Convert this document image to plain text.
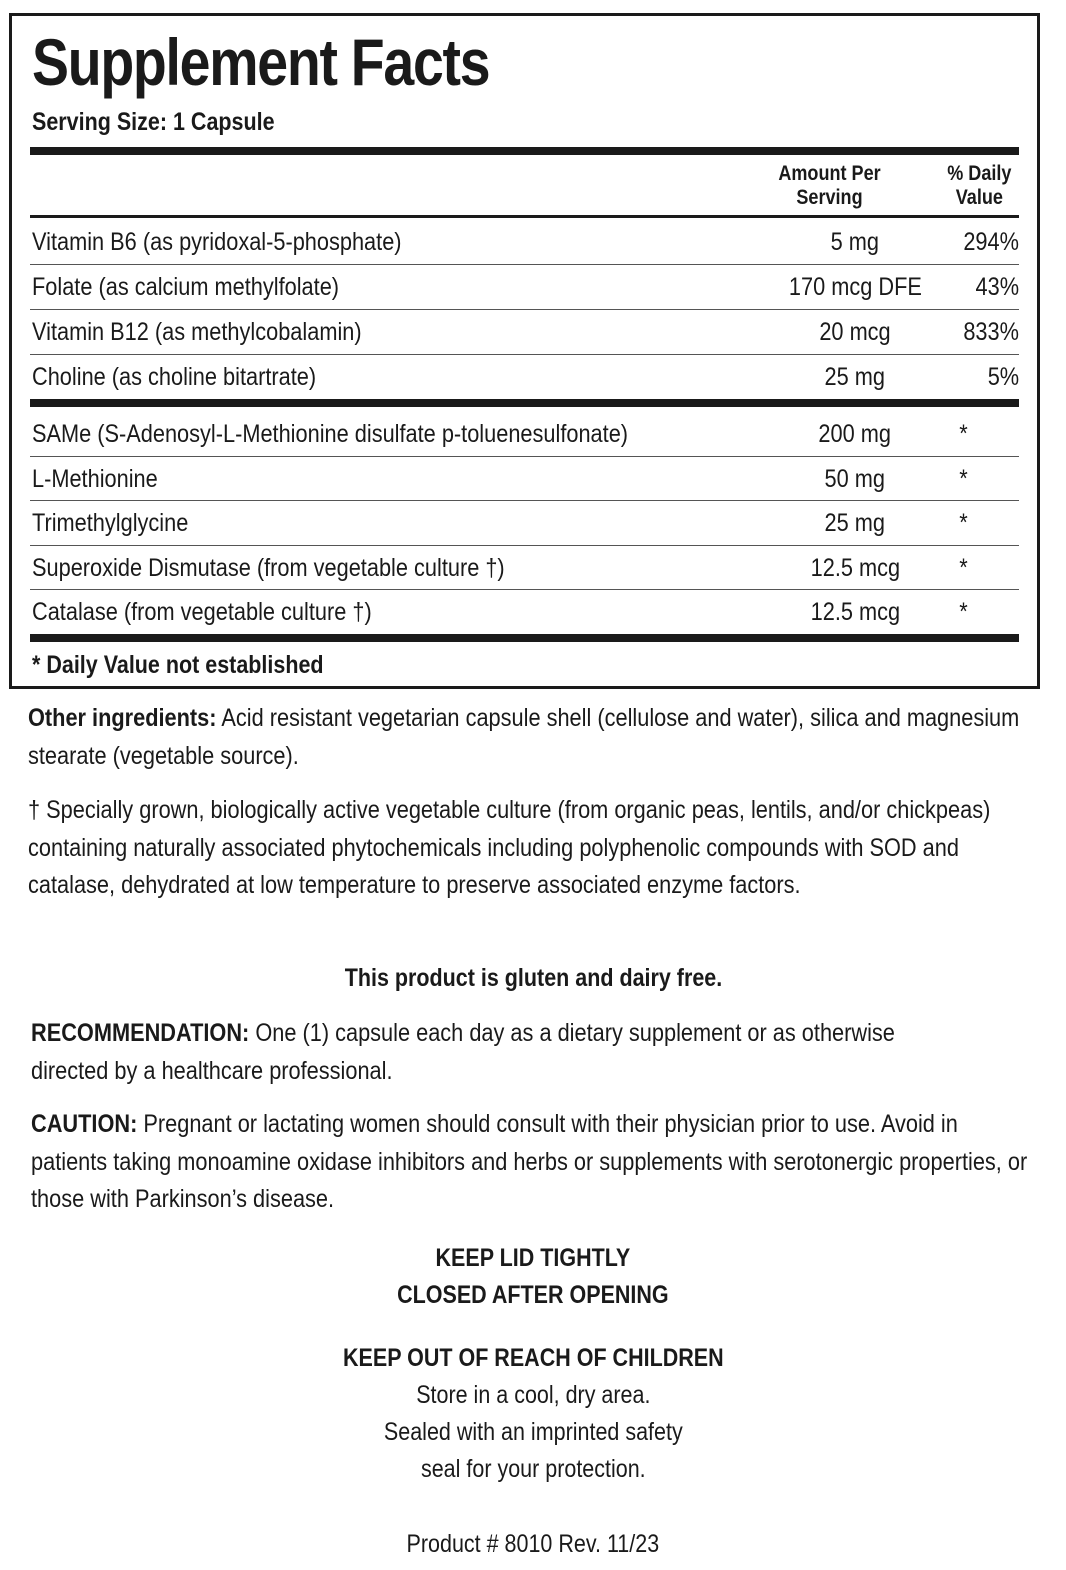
Supplement Facts
Serving Size: 1 Capsule
Amount Per
Serving
% Daily
Value
Vitamin B6 (as pyridoxal-5-phosphate)	5 mg	294%
Folate (as calcium methylfolate)	170 mcg DFE	43%
Vitamin B12 (as methylcobalamin)	20 mcg	833%
Choline (as choline bitartrate)	25 mg	5%
SAMe (S-Adenosyl-L-Methionine disulfate p-toluenesulfonate)	200 mg	*
L-Methionine	50 mg	*
Trimethylglycine	25 mg	*
Superoxide Dismutase (from vegetable culture †)	12.5 mcg	*
Catalase (from vegetable culture †)	12.5 mcg	*
* Daily Value not established
Other ingredients: Acid resistant vegetarian capsule shell (cellulose and water), silica and magnesium stearate (vegetable source).
† Specially grown, biologically active vegetable culture (from organic peas, lentils, and/or chickpeas) containing naturally associated phytochemicals including polyphenolic compounds with SOD and catalase, dehydrated at low temperature to preserve associated enzyme factors.
This product is gluten and dairy free.
RECOMMENDATION: One (1) capsule each day as a dietary supplement or as otherwise directed by a healthcare professional.
CAUTION: Pregnant or lactating women should consult with their physician prior to use. Avoid in patients taking monoamine oxidase inhibitors and herbs or supplements with serotonergic properties, or those with Parkinson’s disease.
KEEP LID TIGHTLY
CLOSED AFTER OPENING
KEEP OUT OF REACH OF CHILDREN
Store in a cool, dry area.
Sealed with an imprinted safety
seal for your protection.
Product # 8010 Rev. 11/23
